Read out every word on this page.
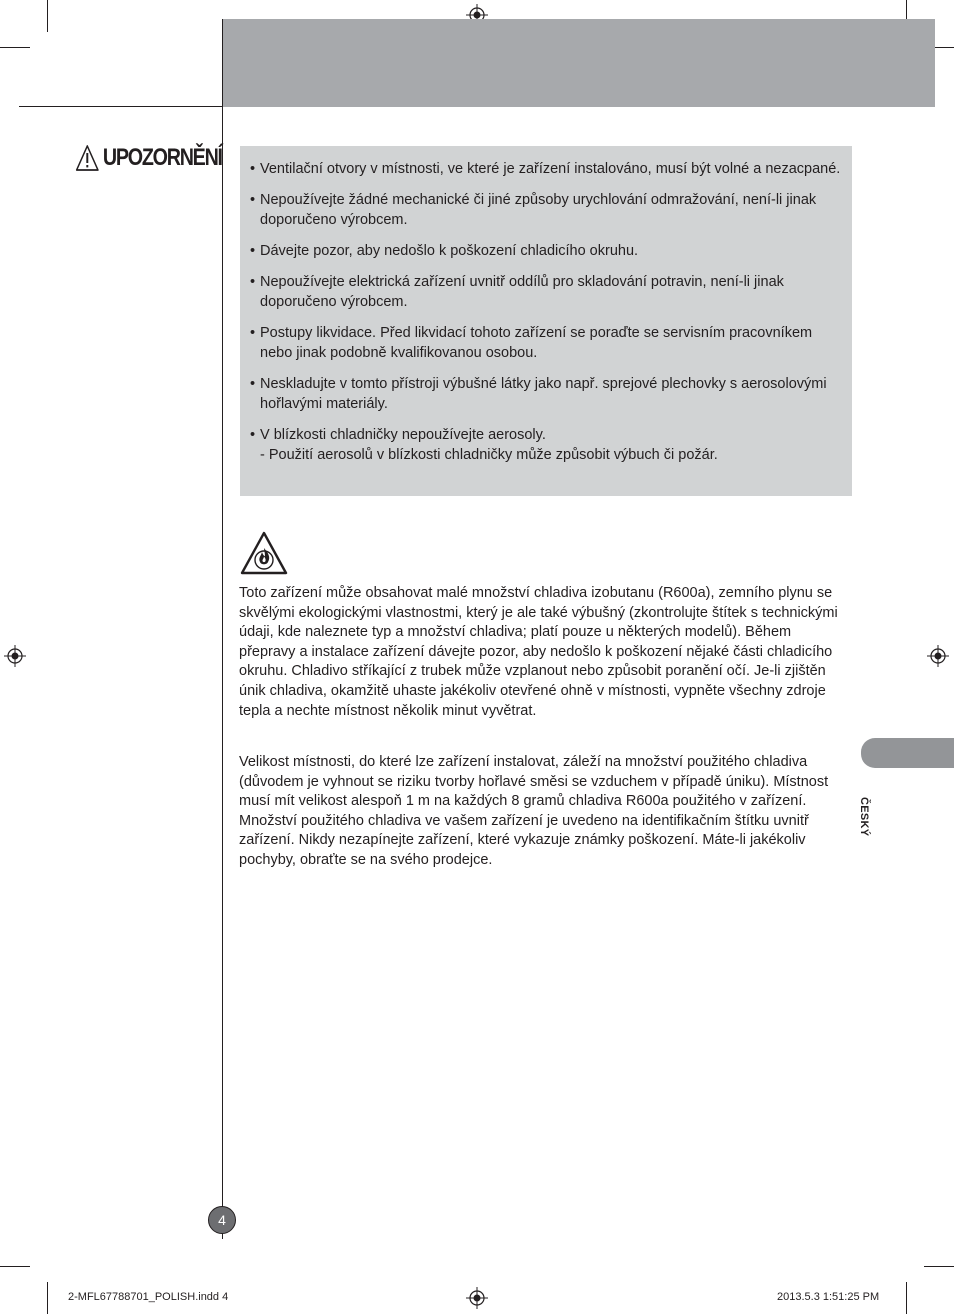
UPOZORNĚNÍ • Ventilační otvory v místnosti, ve které je zařízení instalováno, musí být volné a nezacpané.
• Nepoužívejte žádné mechanické či jiné způsoby urychlování odmražování, není-li jinak doporučeno výrobcem.
• Dávejte pozor, aby nedošlo k poškození chladicího okruhu.
• Nepoužívejte elektrická zařízení uvnitř oddílů pro skladování potravin, není-li jinak doporučeno výrobcem.
• Postupy likvidace. Před likvidací tohoto zařízení se poraďte se servisním pracovníkem nebo jinak podobně kvalifikovanou osobou.
• Neskladujte v tomto přístroji výbušné látky jako např. sprejové plechovky s aerosolovými hořlavými materiály.
• V blízkosti chladničky nepoužívejte aerosoly.
- Použití aerosolů v blízkosti chladničky může způsobit výbuch či požár.

Toto zařízení může obsahovat malé množství chladiva izobutanu (R600a), zemního plynu se skvělými ekologickými vlastnostmi, který je ale také výbušný (zkontrolujte štítek s technickými údaji, kde naleznete typ a množství chladiva; platí pouze u některých modelů). Během přepravy a instalace zařízení dávejte pozor, aby nedošlo k poškození nějaké části chladicího okruhu. Chladivo stříkající z trubek může vzplanout nebo způsobit poranění očí. Je-li zjištěn únik chladiva, okamžitě uhaste jakékoliv otevřené ohně v místnosti, vypněte všechny zdroje tepla a nechte místnost několik minut vyvětrat.

Velikost místnosti, do které lze zařízení instalovat, záleží na množství použitého chladiva (důvodem je vyhnout se riziku tvorby hořlavé směsi se vzduchem v případě úniku). Místnost musí mít velikost alespoň 1 m na každých 8 gramů chladiva R600a použitého v zařízení. Množství použitého chladiva ve vašem zařízení je uvedeno na identifikačním štítku uvnitř zařízení. Nikdy nezapínejte zařízení, které vykazuje známky poškození. Máte-li jakékoliv pochyby, obraťte se na svého prodejce.

ČESKÝ
4
2-MFL67788701_POLISH.indd 4	2013.5.3 1:51:25 PM
